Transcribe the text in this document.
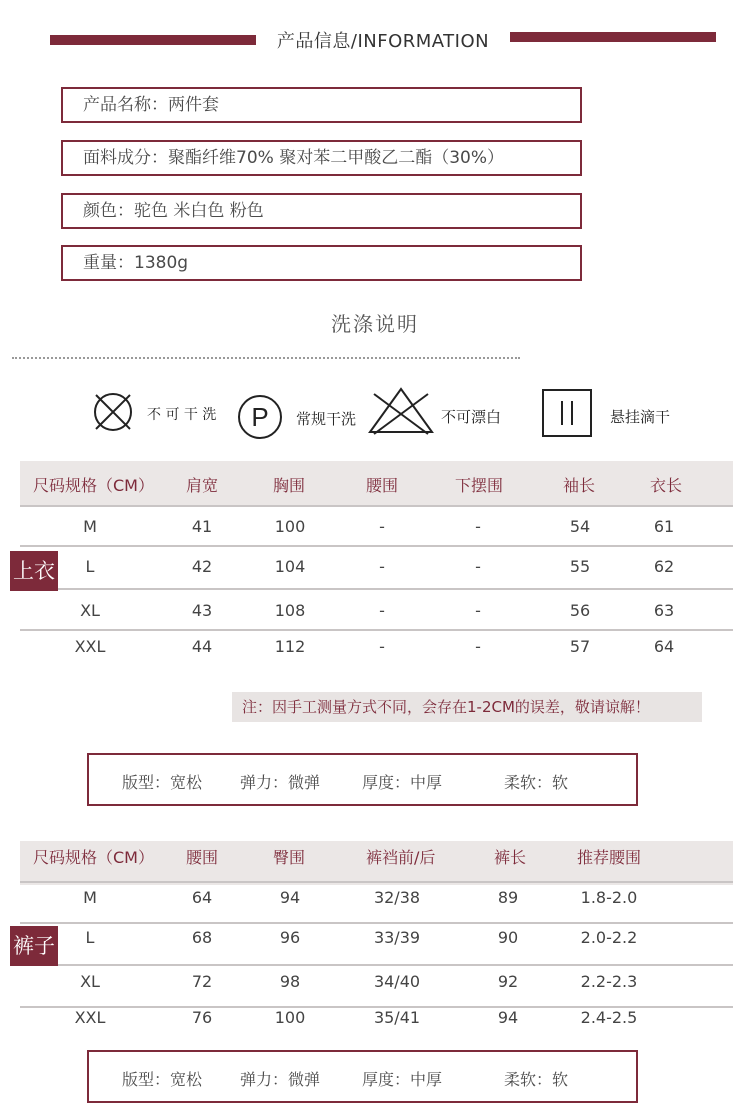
产品信息/INFORMATION
产品名称：两件套
面料成分：聚酯纤维70% 聚对苯二甲酸乙二酯（30%）
颜色：驼色 米白色 粉色
重量：1380g
洗涤说明
不 可 干 洗 P 常规干洗	不可漂白	悬挂滴干
尺码规格（CM） 肩宽	胸围	腰围	下摆围	袖长	衣长
上衣
M	41	100	-	-	54	61
L	42	104	-	-	55	62
XL	43	108	-	-	56	63
XXL	44	112	-	-	57	64
注：因手工测量方式不同，会存在1-2CM的误差，敬请谅解！
版型：宽松 弹力：微弹	厚度：中厚	柔软：软
尺码规格（CM） 腰围	臀围	裤裆前/后	裤长	推荐腰围
裤子
M	64	94	32/38	89	1.8-2.0
L	68	96	33/39	90	2.0-2.2
XL	72	98	34/40	92	2.2-2.3
XXL	76	100	35/41	94	2.4-2.5
版型：宽松 弹力：微弹	厚度：中厚	柔软：软
